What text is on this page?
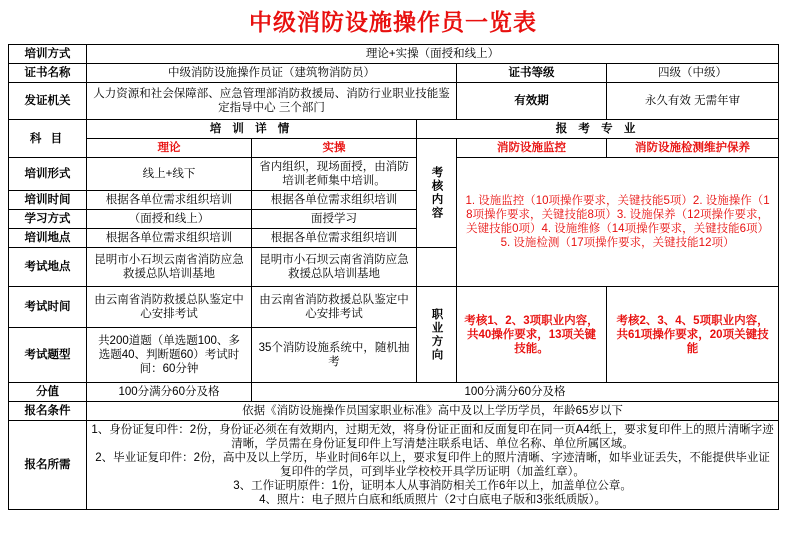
中级消防设施操作员一览表
培训方式	理论+实操（面授和线上）				
证书名称	中级消防设施操作员证（建筑物消防员）			证书等级	四级（中级）
发证机关	人力资源和社会保障部、应急管理部消防救援局、消防行业职业技能鉴定指导中心 三个部门			有效期	永久有效 无需年审
科 目	培 训 详 情		报 考 专 业		
	理论	实操	考核内容	消防设施监控	消防设施检测维护保养
培训形式	线上+线下	省内组织，现场面授，由消防培训老师集中培训。		1. 设施监控（10项操作要求，关键技能5项）2. 设施操作（18项操作要求，关键技能8项）3. 设施保养（12项操作要求，关键技能0项）4. 设施维修（14项操作要求，关键技能6项）5. 设施检测（17项操作要求，关键技能12项）	
培训时间	根据各单位需求组织培训	根据各单位需求组织培训			
学习方式	（面授和线上）	面授学习			
培训地点	根据各单位需求组织培训	根据各单位需求组织培训			
考试地点	昆明市小石坝云南省消防应急救援总队培训基地	昆明市小石坝云南省消防应急救援总队培训基地			
考试时间	由云南省消防救援总队鉴定中心安排考试	由云南省消防救援总队鉴定中心安排考试	职业方向	考核1、2、3项职业内容，共40操作要求，13项关键技能。	考核2、3、4、5项职业内容，共61项操作要求，20项关键技能
考试题型	共200道题（单选题100、多选题40、判断题60）考试时间：60分钟	35个消防设施系统中，随机抽考			
分值	100分满分60分及格	100分满分60分及格			
报名条件	依据《消防设施操作员国家职业标准》高中及以上学历学员，年龄65岁以下				
报名所需	1、身份证复印件：2份，身份证必须在有效期内，过期无效，将身份证正面和反面复印在同一页A4纸上，要求复印件上的照片清晰字迹清晰，学员需在身份证复印件上写清楚注联系电话、单位名称、单位所属区域。
2、毕业证复印件：2份，高中及以上学历，毕业时间6年以上，要求复印件上的照片清晰、字迹清晰，如毕业证丢失，不能提供毕业证复印件的学员，可到毕业学校校开具学历证明（加盖红章）。
3、工作证明原件：1份，证明本人从事消防相关工作6年以上，加盖单位公章。
4、照片：电子照片白底和纸质照片（2寸白底电子版和3张纸质版）。				
